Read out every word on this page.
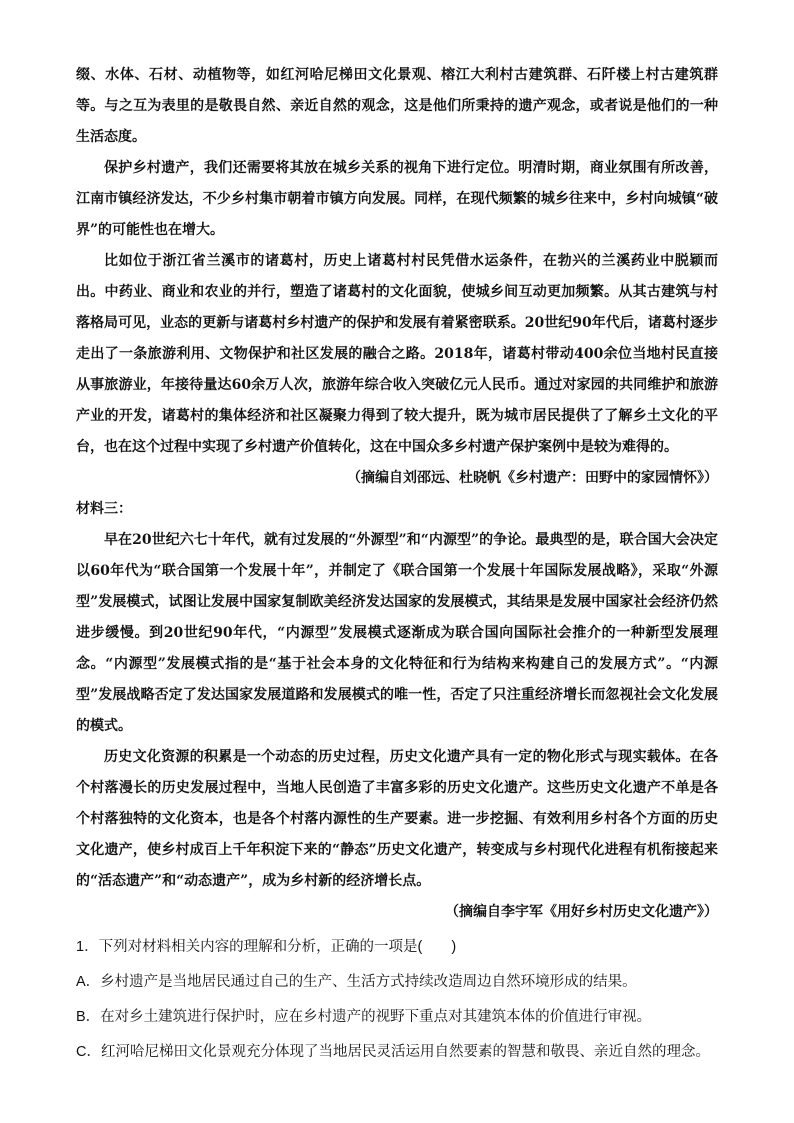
缀、水体、石材、动植物等，如红河哈尼梯田文化景观、榕江大利村古建筑群、石阡楼上村古建筑群等。与之互为表里的是敬畏自然、亲近自然的观念，这是他们所秉持的遗产观念，或者说是他们的一种生活态度。

保护乡村遗产，我们还需要将其放在城乡关系的视角下进行定位。明清时期，商业氛围有所改善，江南市镇经济发达，不少乡村集市朝着市镇方向发展。同样，在现代频繁的城乡往来中，乡村向城镇“破界”的可能性也在增大。

比如位于浙江省兰溪市的诸葛村，历史上诸葛村村民凭借水运条件，在勃兴的兰溪药业中脱颖而出。中药业、商业和农业的并行，塑造了诸葛村的文化面貌，使城乡间互动更加频繁。从其古建筑与村落格局可见，业态的更新与诸葛村乡村遗产的保护和发展有着紧密联系。20世纪90年代后，诸葛村逐步走出了一条旅游利用、文物保护和社区发展的融合之路。2018年，诸葛村带动400余位当地村民直接从事旅游业，年接待量达60余万人次，旅游年综合收入突破亿元人民币。通过对家园的共同维护和旅游产业的开发，诸葛村的集体经济和社区凝聚力得到了较大提升，既为城市居民提供了了解乡土文化的平台，也在这个过程中实现了乡村遗产价值转化，这在中国众多乡村遗产保护案例中是较为难得的。

（摘编自刘邵远、杜晓帆《乡村遗产：田野中的家园情怀》）

材料三：

早在20世纪六七十年代，就有过发展的“外源型”和“内源型”的争论。最典型的是，联合国大会决定以60年代为“联合国第一个发展十年”，并制定了《联合国第一个发展十年国际发展战略》，采取“外源型”发展模式，试图让发展中国家复制欧美经济发达国家的发展模式，其结果是发展中国家社会经济仍然进步缓慢。到20世纪90年代，“内源型”发展模式逐渐成为联合国向国际社会推介的一种新型发展理念。“内源型”发展模式指的是“基于社会本身的文化特征和行为结构来构建自己的发展方式”。“内源型”发展战略否定了发达国家发展道路和发展模式的唯一性，否定了只注重经济增长而忽视社会文化发展的模式。

历史文化资源的积累是一个动态的历史过程，历史文化遗产具有一定的物化形式与现实载体。在各个村落漫长的历史发展过程中，当地人民创造了丰富多彩的历史文化遗产。这些历史文化遗产不单是各个村落独特的文化资本，也是各个村落内源性的生产要素。进一步挖掘、有效利用乡村各个方面的历史文化遗产，使乡村成百上千年积淀下来的“静态”历史文化遗产，转变成与乡村现代化进程有机衔接起来的“活态遗产”和“动态遗产”，成为乡村新的经济增长点。

（摘编自李宇军《用好乡村历史文化遗产》）

1．下列对材料相关内容的理解和分析，正确的一项是(　　)

A．乡村遗产是当地居民通过自己的生产、生活方式持续改造周边自然环境形成的结果。

B．在对乡土建筑进行保护时，应在乡村遗产的视野下重点对其建筑本体的价值进行审视。

C．红河哈尼梯田文化景观充分体现了当地居民灵活运用自然要素的智慧和敬畏、亲近自然的理念。
